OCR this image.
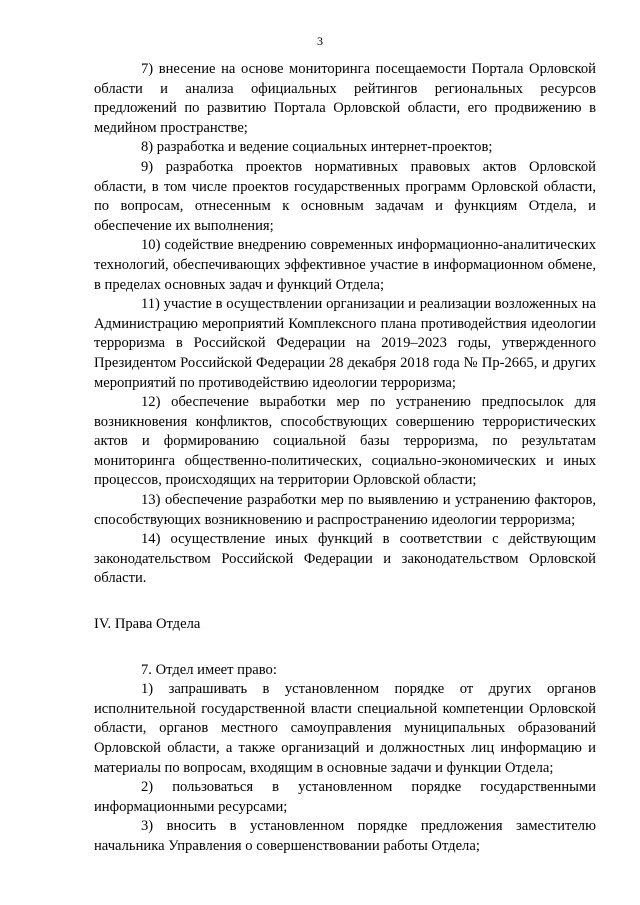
3

7) внесение на основе мониторинга посещаемости Портала Орловской области и анализа официальных рейтингов региональных ресурсов предложений по развитию Портала Орловской области, его продвижению в медийном пространстве;

8) разработка и ведение социальных интернет-проектов;

9) разработка проектов нормативных правовых актов Орловской области, в том числе проектов государственных программ Орловской области, по вопросам, отнесенным к основным задачам и функциям Отдела, и обеспечение их выполнения;

10) содействие внедрению современных информационно-аналитических технологий, обеспечивающих эффективное участие в информационном обмене, в пределах основных задач и функций Отдела;

11) участие в осуществлении организации и реализации возложенных на Администрацию мероприятий Комплексного плана противодействия идеологии терроризма в Российской Федерации на 2019–2023 годы, утвержденного Президентом Российской Федерации 28 декабря 2018 года № Пр-2665, и других мероприятий по противодействию идеологии терроризма;

12) обеспечение выработки мер по устранению предпосылок для возникновения конфликтов, способствующих совершению террористических актов и формированию социальной базы терроризма, по результатам мониторинга общественно-политических, социально-экономических и иных процессов, происходящих на территории Орловской области;

13) обеспечение разработки мер по выявлению и устранению факторов, способствующих возникновению и распространению идеологии терроризма;

14) осуществление иных функций в соответствии с действующим законодательством Российской Федерации и законодательством Орловской области.

IV. Права Отдела

7. Отдел имеет право:

1) запрашивать в установленном порядке от других органов исполнительной государственной власти специальной компетенции Орловской области, органов местного самоуправления муниципальных образований Орловской области, а также организаций и должностных лиц информацию и материалы по вопросам, входящим в основные задачи и функции Отдела;

2) пользоваться в установленном порядке государственными информационными ресурсами;

3) вносить в установленном порядке предложения заместителю начальника Управления о совершенствовании работы Отдела;
